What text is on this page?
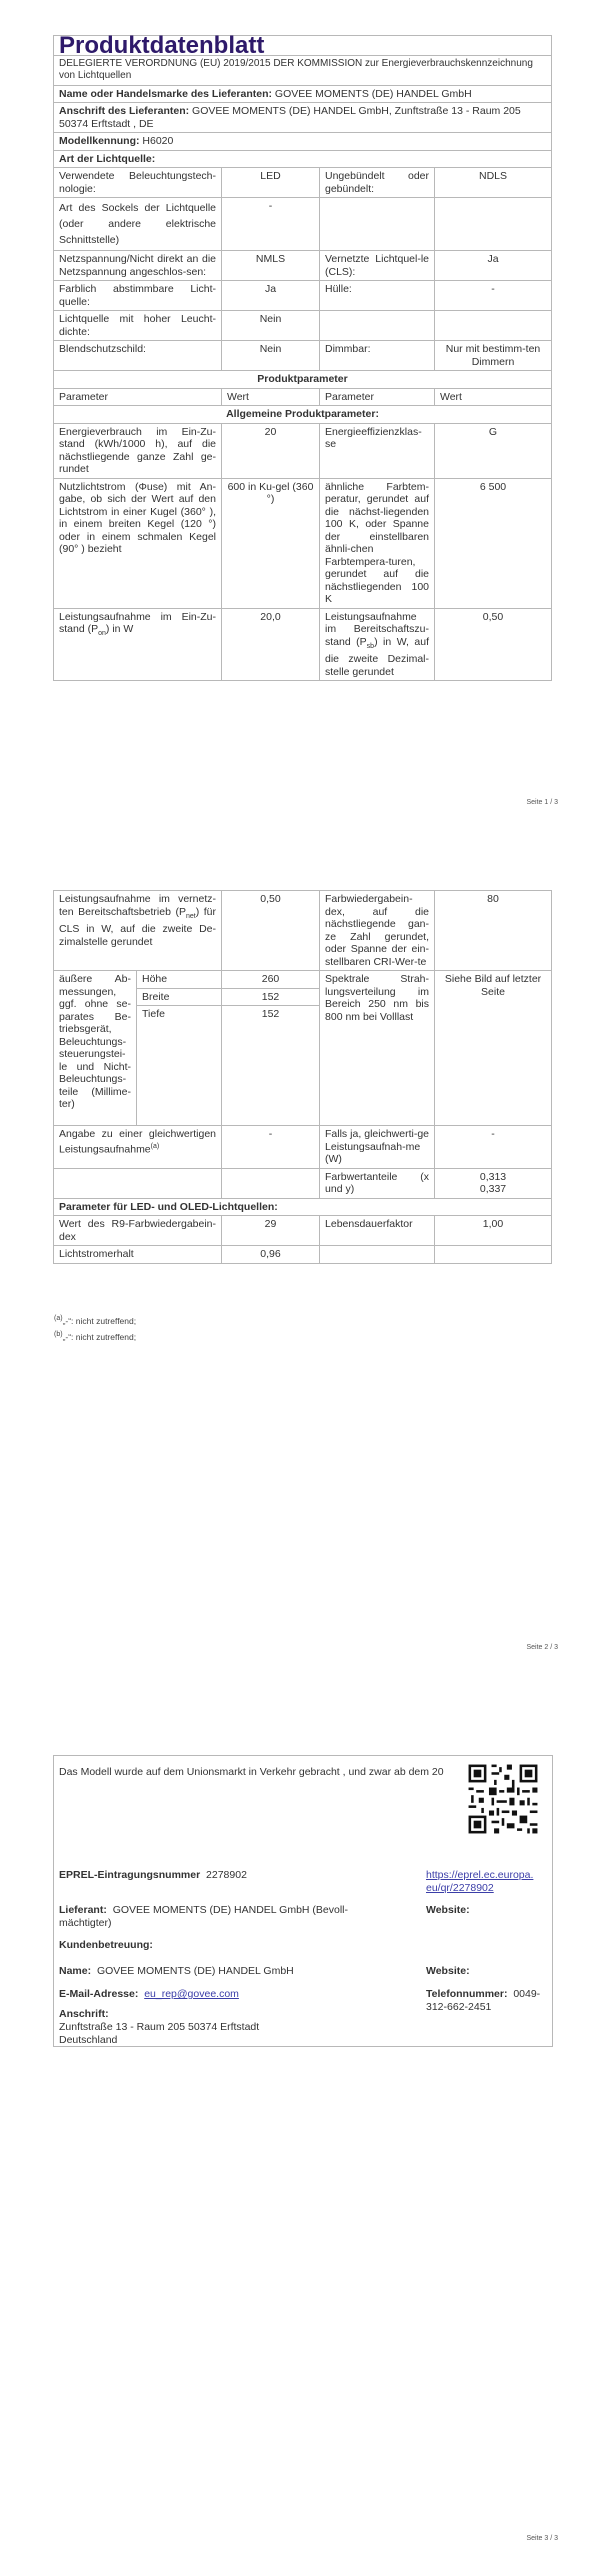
Produktdatenblatt			
DELEGIERTE VERORDNUNG (EU) 2019/2015 DER KOMMISSION zur Energieverbrauchskennzeichnung von Lichtquellen			
Name oder Handelsmarke des Lieferanten: GOVEE MOMENTS (DE) HANDEL GmbH			
Anschrift des Lieferanten: GOVEE MOMENTS (DE) HANDEL GmbH, Zunftstraße 13 - Raum 205 50374 Erftstadt , DE			
Modellkennung: H6020			
Art der Lichtquelle:			
Verwendete Beleuchtungstech-nologie:	LED	Ungebündelt oder gebündelt:	NDLS
Art des Sockels der Lichtquelle (oder andere elektrische Schnittstelle)	-		
Netzspannung/Nicht direkt an die Netzspannung angeschlos-sen:	NMLS	Vernetzte Lichtquel-le (CLS):	Ja
Farblich abstimmbare Licht-quelle:	Ja	Hülle:	-
Lichtquelle mit hoher Leucht-dichte:	Nein		
Blendschutzschild:	Nein	Dimmbar:	Nur mit bestimm-ten Dimmern
Produktparameter			
Parameter	Wert	Parameter	Wert
Allgemeine Produktparameter:			
Energieverbrauch im Ein-Zu-stand (kWh/1000 h), auf die nächstliegende ganze Zahl ge-rundet	20	Energieeffizienzklas-se	G
Nutzlichtstrom (Φuse) mit An-gabe, ob sich der Wert auf den Lichtstrom in einer Kugel (360° ), in einem breiten Kegel (120 °) oder in einem schmalen Kegel (90° ) bezieht	600 in Ku-gel (360 °)	ähnliche Farbtem-peratur, gerundet auf die nächst-liegenden 100 K, oder Spanne der einstellbaren ähnli-chen Farbtempera-turen, gerundet auf die nächstliegenden 100 K	6 500
Leistungsaufnahme im Ein-Zu-stand $(P_{on})$ in W	20,0	Leistungsaufnahme im Bereitschaftszu-stand $(P_{sb})$ in W, auf die zweite Dezimal-stelle gerundet	0,50
Seite 1 / 3
Leistungsaufnahme im vernetz-ten Bereitschaftsbetrieb $(P_{net})$ für CLS in W, auf die zweite De-zimalstelle gerundet		0,50	Farbwiedergabein-dex, auf die nächstliegende gan-ze Zahl gerundet, oder Spanne der ein-stellbaren CRI-Wer-te	80
äußere Ab-messungen, ggf. ohne se-parates Be-triebsgerät, Beleuchtungs-steuerungstei-le und Nicht-Beleuchtungs-teile (Millime-ter)	Höhe	260	Spektrale Strah-lungsverteilung im Bereich 250 nm bis 800 nm bei Volllast	Siehe Bild auf letzter Seite
	Breite	152		
	Tiefe	152		
Angabe zu einer gleichwertigen Leistungsaufnahme$^{(a)}$		-	Falls ja, gleichwerti-ge Leistungsaufnah-me (W)	-
			Farbwertanteile (x und y)	0,313
0,337

Parameter für LED- und OLED-Lichtquellen:				
Wert des R9-Farbwiedergabein-dex		29	Lebensdauerfaktor	1,00
Lichtstromerhalt		0,96		
$^{(a)}$„-“: nicht zutreffend;
$^{(b)}$„-“: nicht zutreffend;
Seite 2 / 3
Das Modell wurde auf dem Unionsmarkt in Verkehr gebracht , und zwar ab dem 20
EPREL-Eintragungsnummer 2278902	https://eprel.ec.europa.eu/qr/2278902
Lieferant: GOVEE MOMENTS (DE) HANDEL GmbH (Bevoll-mächtigter)
Website:
Kundenbetreuung:
Name: GOVEE MOMENTS (DE) HANDEL GmbH	Website:
E-Mail-Adresse: eu_rep@govee.com	Telefonnummer: 0049-312-662-2451
Anschrift:
Zunftstraße 13 - Raum 205 50374 Erftstadt
Deutschland
Seite 3 / 3
